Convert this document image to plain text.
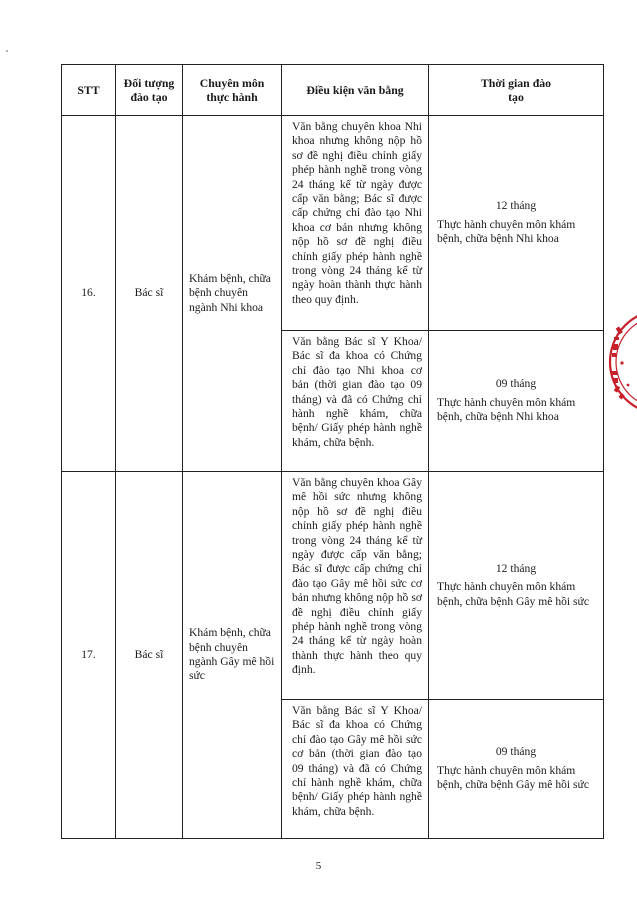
STT	Đối tượng đào tạo	Chuyên môn thực hành	Điều kiện văn bằng	Thời gian đào tạo
16.	Bác sĩ	Khám bệnh, chữa bệnh chuyên ngành Nhi khoa	Văn bằng chuyên khoa Nhi khoa nhưng không nộp hồ sơ đề nghị điều chỉnh giấy phép hành nghề trong vòng 24 tháng kể từ ngày được cấp văn bằng; Bác sĩ được cấp chứng chỉ đào tạo Nhi khoa cơ bản nhưng không nộp hồ sơ đề nghị điều chỉnh giấy phép hành nghề trong vòng 24 tháng kể từ ngày hoàn thành thực hành theo quy định.	12 tháng
Thực hành chuyên môn khám bệnh, chữa bệnh Nhi khoa

			Văn bằng Bác sĩ Y Khoa/ Bác sĩ đa khoa có Chứng chỉ đào tạo Nhi khoa cơ bản (thời gian đào tạo 09 tháng) và đã có Chứng chỉ hành nghề khám, chữa bệnh/ Giấy phép hành nghề khám, chữa bệnh.	09 tháng
Thực hành chuyên môn khám bệnh, chữa bệnh Nhi khoa

17.	Bác sĩ	Khám bệnh, chữa bệnh chuyên ngành Gây mê hồi sức	Văn bằng chuyên khoa Gây mê hồi sức nhưng không nộp hồ sơ đề nghị điều chỉnh giấy phép hành nghề trong vòng 24 tháng kể từ ngày được cấp văn bằng; Bác sĩ được cấp chứng chỉ đào tạo Gây mê hồi sức cơ bản nhưng không nộp hồ sơ đề nghị điều chỉnh giấy phép hành nghề trong vòng 24 tháng kể từ ngày hoàn thành thực hành theo quy định.	12 tháng
Thực hành chuyên môn khám bệnh, chữa bệnh Gây mê hồi sức

			Văn bằng Bác sĩ Y Khoa/ Bác sĩ đa khoa có Chứng chỉ đào tạo Gây mê hồi sức cơ bản (thời gian đào tạo 09 tháng) và đã có Chứng chỉ hành nghề khám, chữa bệnh/ Giấy phép hành nghề khám, chữa bệnh.	09 tháng
Thực hành chuyên môn khám bệnh, chữa bệnh Gây mê hồi sức
5
